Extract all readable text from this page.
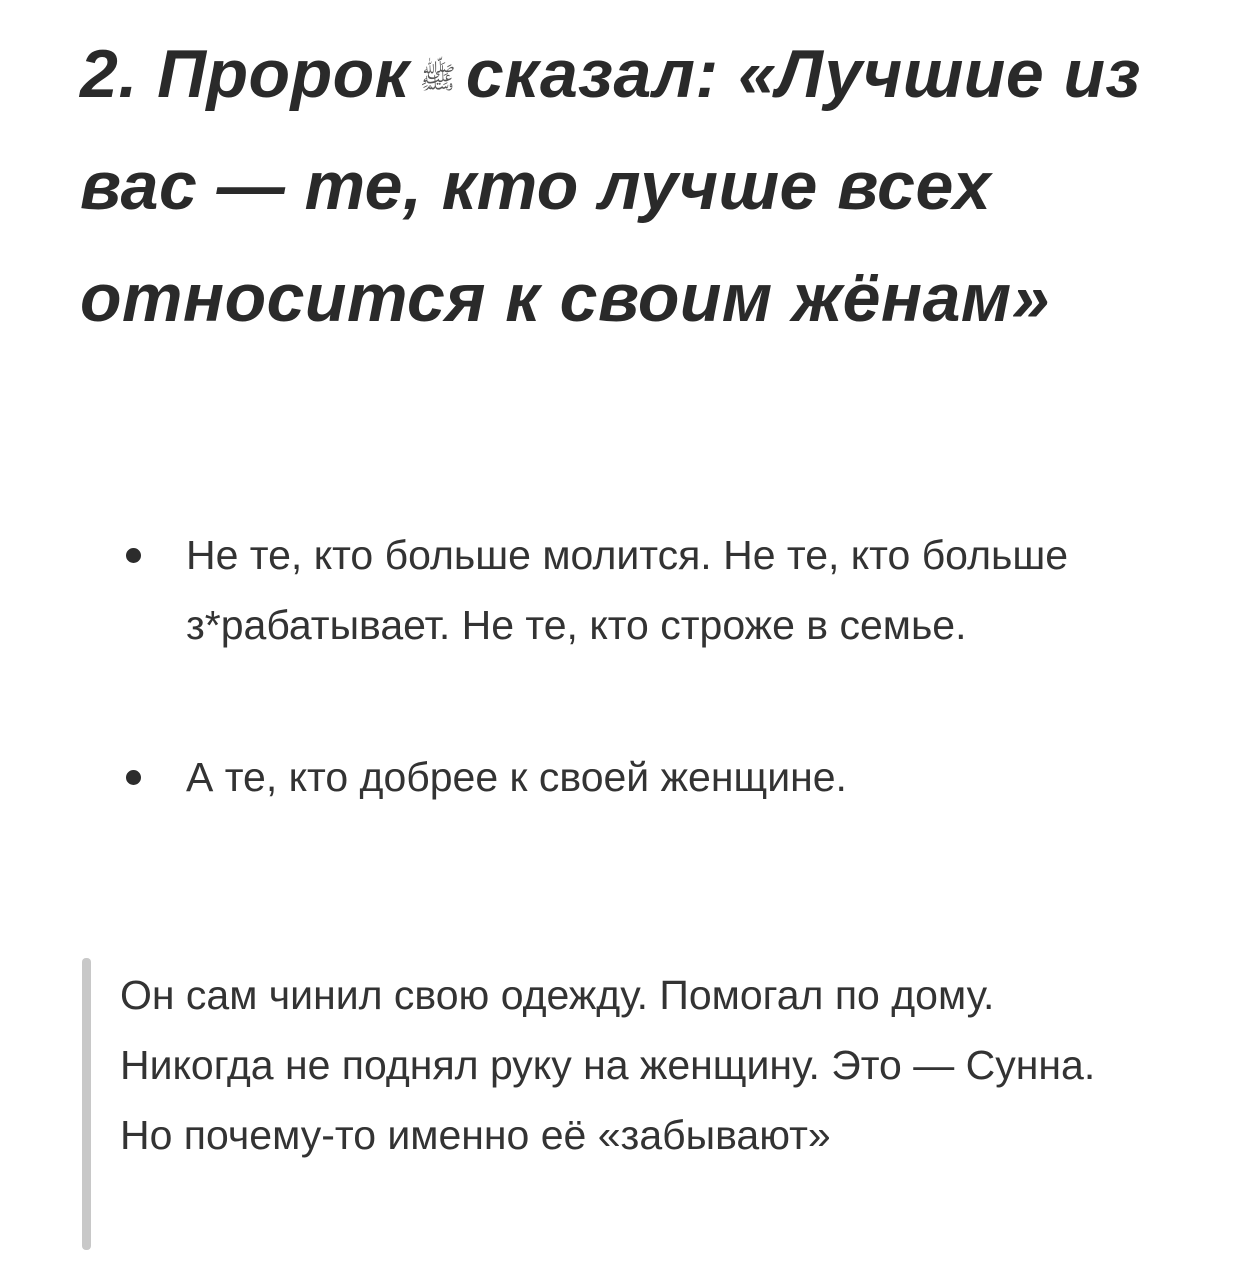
2. Пророк ﷺ сказал: «Лучшие из вас — те, кто лучше всех относится к своим жёнам»
Не те, кто больше молится. Не те, кто больше з*рабатывает. Не те, кто строже в семье.
А те, кто добрее к своей женщине.

Он сам чинил свою одежду. Помогал по дому. Никогда не поднял руку на женщину. Это — Сунна. Но почему-то именно её «забывают»
